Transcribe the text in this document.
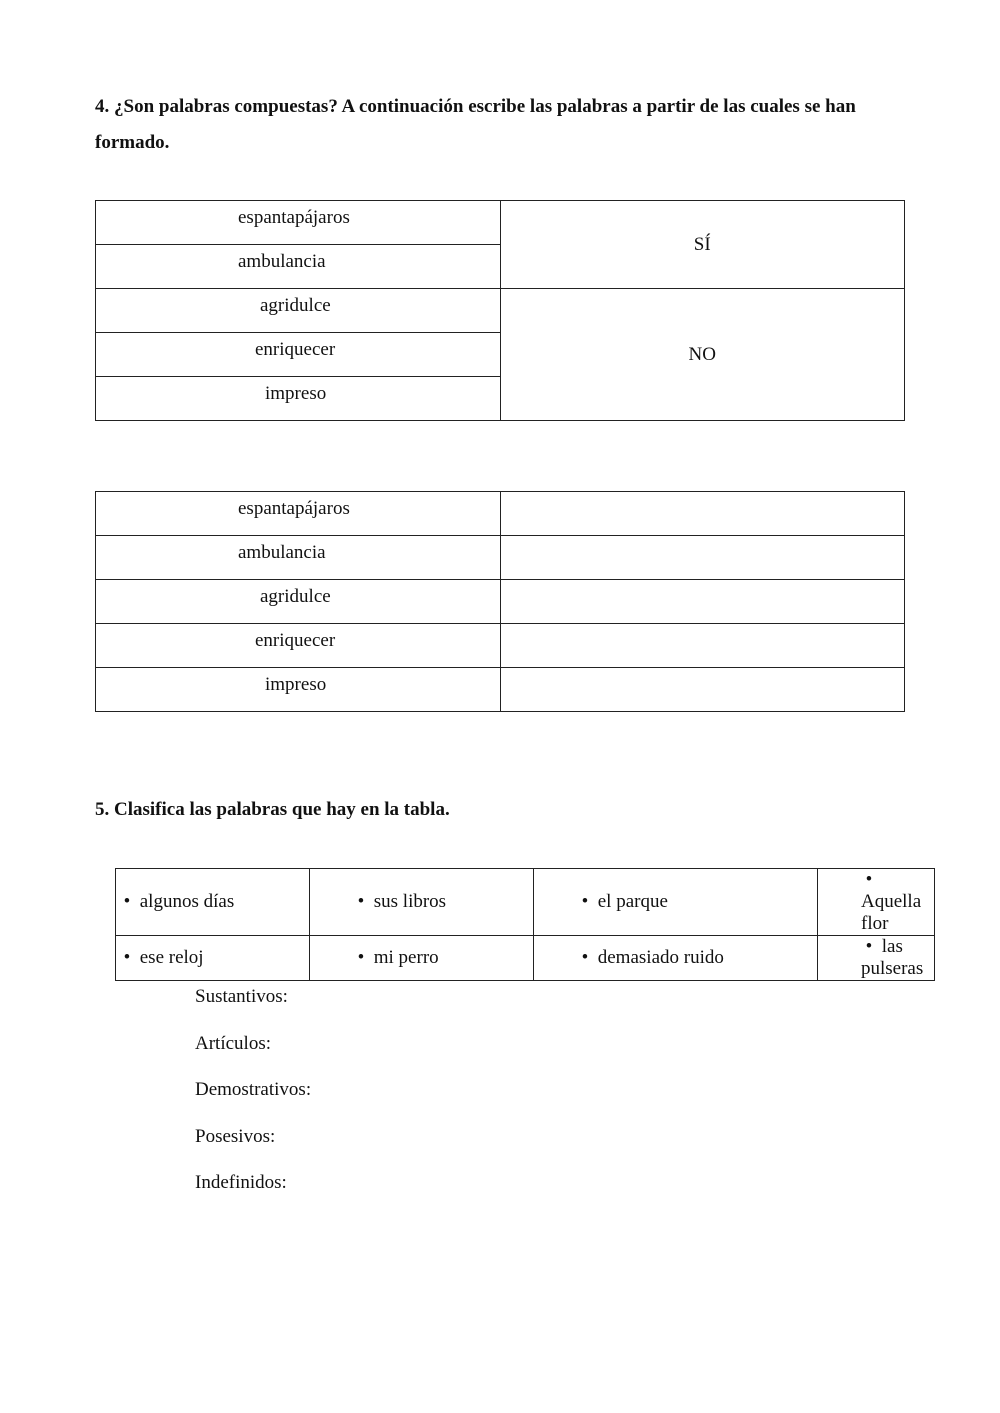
4. ¿Son palabras compuestas? A continuación escribe las palabras a partir de las cuales se han formado.
espantapájaros	SÍ

ambulancia	

agridulce	NO

enriquecer	

impreso	
espantapájaros	

ambulancia	

agridulce	

enriquecer	

impreso	

5. Clasifica las palabras que hay en la tabla.
• algunos días	• sus libros	• el parque	• Aquella flor
• ese reloj	• mi perro	• demasiado ruido	• las pulseras
Sustantivos:
Artículos:
Demostrativos:
Posesivos:
Indefinidos:
